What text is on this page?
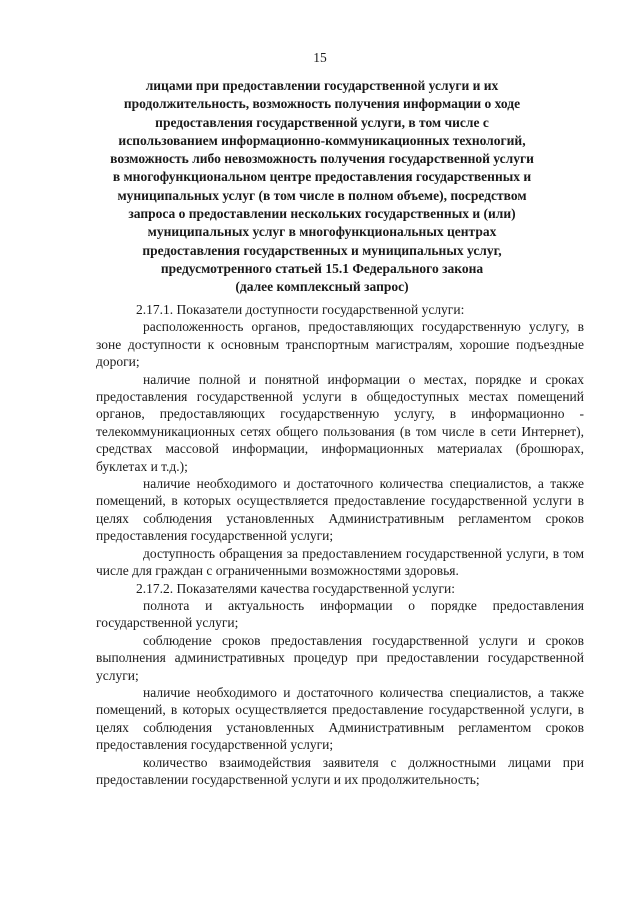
15
лицами при предоставлении государственной услуги и их
продолжительность, возможность получения информации о ходе
предоставления государственной услуги, в том числе с
использованием информационно-коммуникационных технологий,
возможность либо невозможность получения государственной услуги
в многофункциональном центре предоставления государственных и
муниципальных услуг (в том числе в полном объеме), посредством
запроса о предоставлении нескольких государственных и (или)
муниципальных услуг в многофункциональных центрах
предоставления государственных и муниципальных услуг,
предусмотренного статьей 15.1 Федерального закона
(далее комплексный запрос)

2.17.1. Показатели доступности государственной услуги:

расположенность органов, предоставляющих государственную услугу, в зоне доступности к основным транспортным магистралям, хорошие подъездные дороги;

наличие полной и понятной информации о местах, порядке и сроках предоставления государственной услуги в общедоступных местах помещений органов, предоставляющих государственную услугу, в информационно - телекоммуникационных сетях общего пользования (в том числе в сети Интернет), средствах массовой информации, информационных материалах (брошюрах, буклетах и т.д.);

наличие необходимого и достаточного количества специалистов, а также помещений, в которых осуществляется предоставление государственной услуги в целях соблюдения установленных Административным регламентом сроков предоставления государственной услуги;

доступность обращения за предоставлением государственной услуги, в том числе для граждан с ограниченными возможностями здоровья.

2.17.2. Показателями качества государственной услуги:

полнота и актуальность информации о порядке предоставления государственной услуги;

соблюдение сроков предоставления государственной услуги и сроков выполнения административных процедур при предоставлении государственной услуги;

наличие необходимого и достаточного количества специалистов, а также помещений, в которых осуществляется предоставление государственной услуги, в целях соблюдения установленных Административным регламентом сроков предоставления государственной услуги;

количество взаимодействия заявителя с должностными лицами при предоставлении государственной услуги и их продолжительность;
